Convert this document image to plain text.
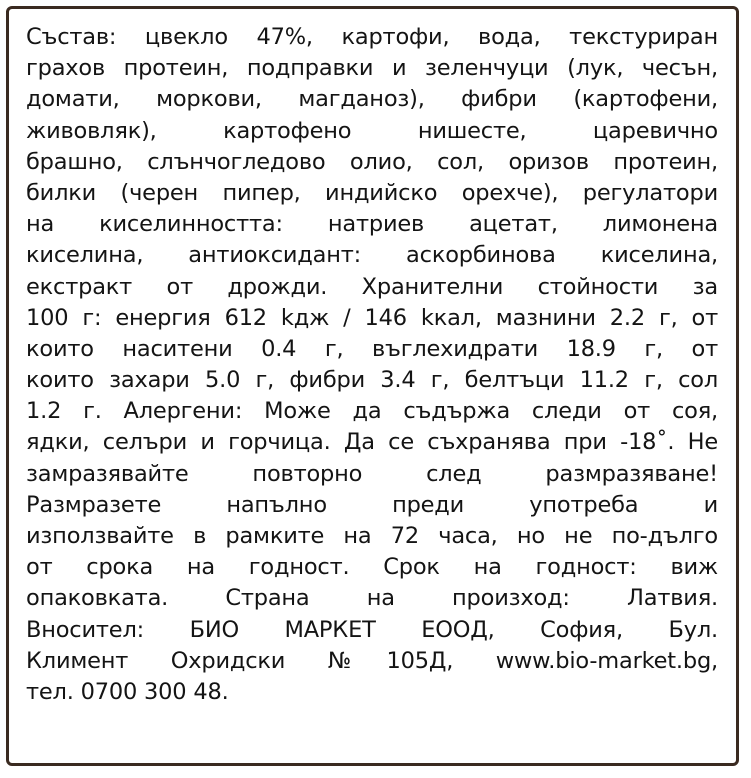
Състав: цвекло 47%, картофи, вода, текстуриран
грахов протеин, подправки и зеленчуци (лук, чесън,
домати, моркови, магданоз), фибри (картофени,
живовляк), картофено нишесте, царевично
брашно, слънчогледово олио, сол, оризов протеин,
билки (черен пипер, индийско орехче), регулатори
на киселинността: натриев ацетат, лимонена
киселина, антиоксидант: аскорбинова киселина,
екстракт от дрожди. Хранителни стойности за
100 г: енергия 612 kдж / 146 kкал, мазнини 2.2 г, от
които наситени 0.4 г, въглехидрати 18.9 г, от
които захари 5.0 г, фибри 3.4 г, белтъци 11.2 г, сол
1.2 г. Алергени: Може да съдържа следи от соя,
ядки, селъри и горчица. Да се съхранява при -18˚. Не
замразявайте повторно след размразяване!
Размразете напълно преди употреба и
използвайте в рамките на 72 часа, но не по-дълго
от срока на годност. Срок на годност: виж
опаковката. Страна на произход: Латвия.
Вносител: БИО МАРКЕТ ЕООД, София, Бул.
Климент Охридски №105Д, www.bio-market.bg,
тел. 0700 300 48.
